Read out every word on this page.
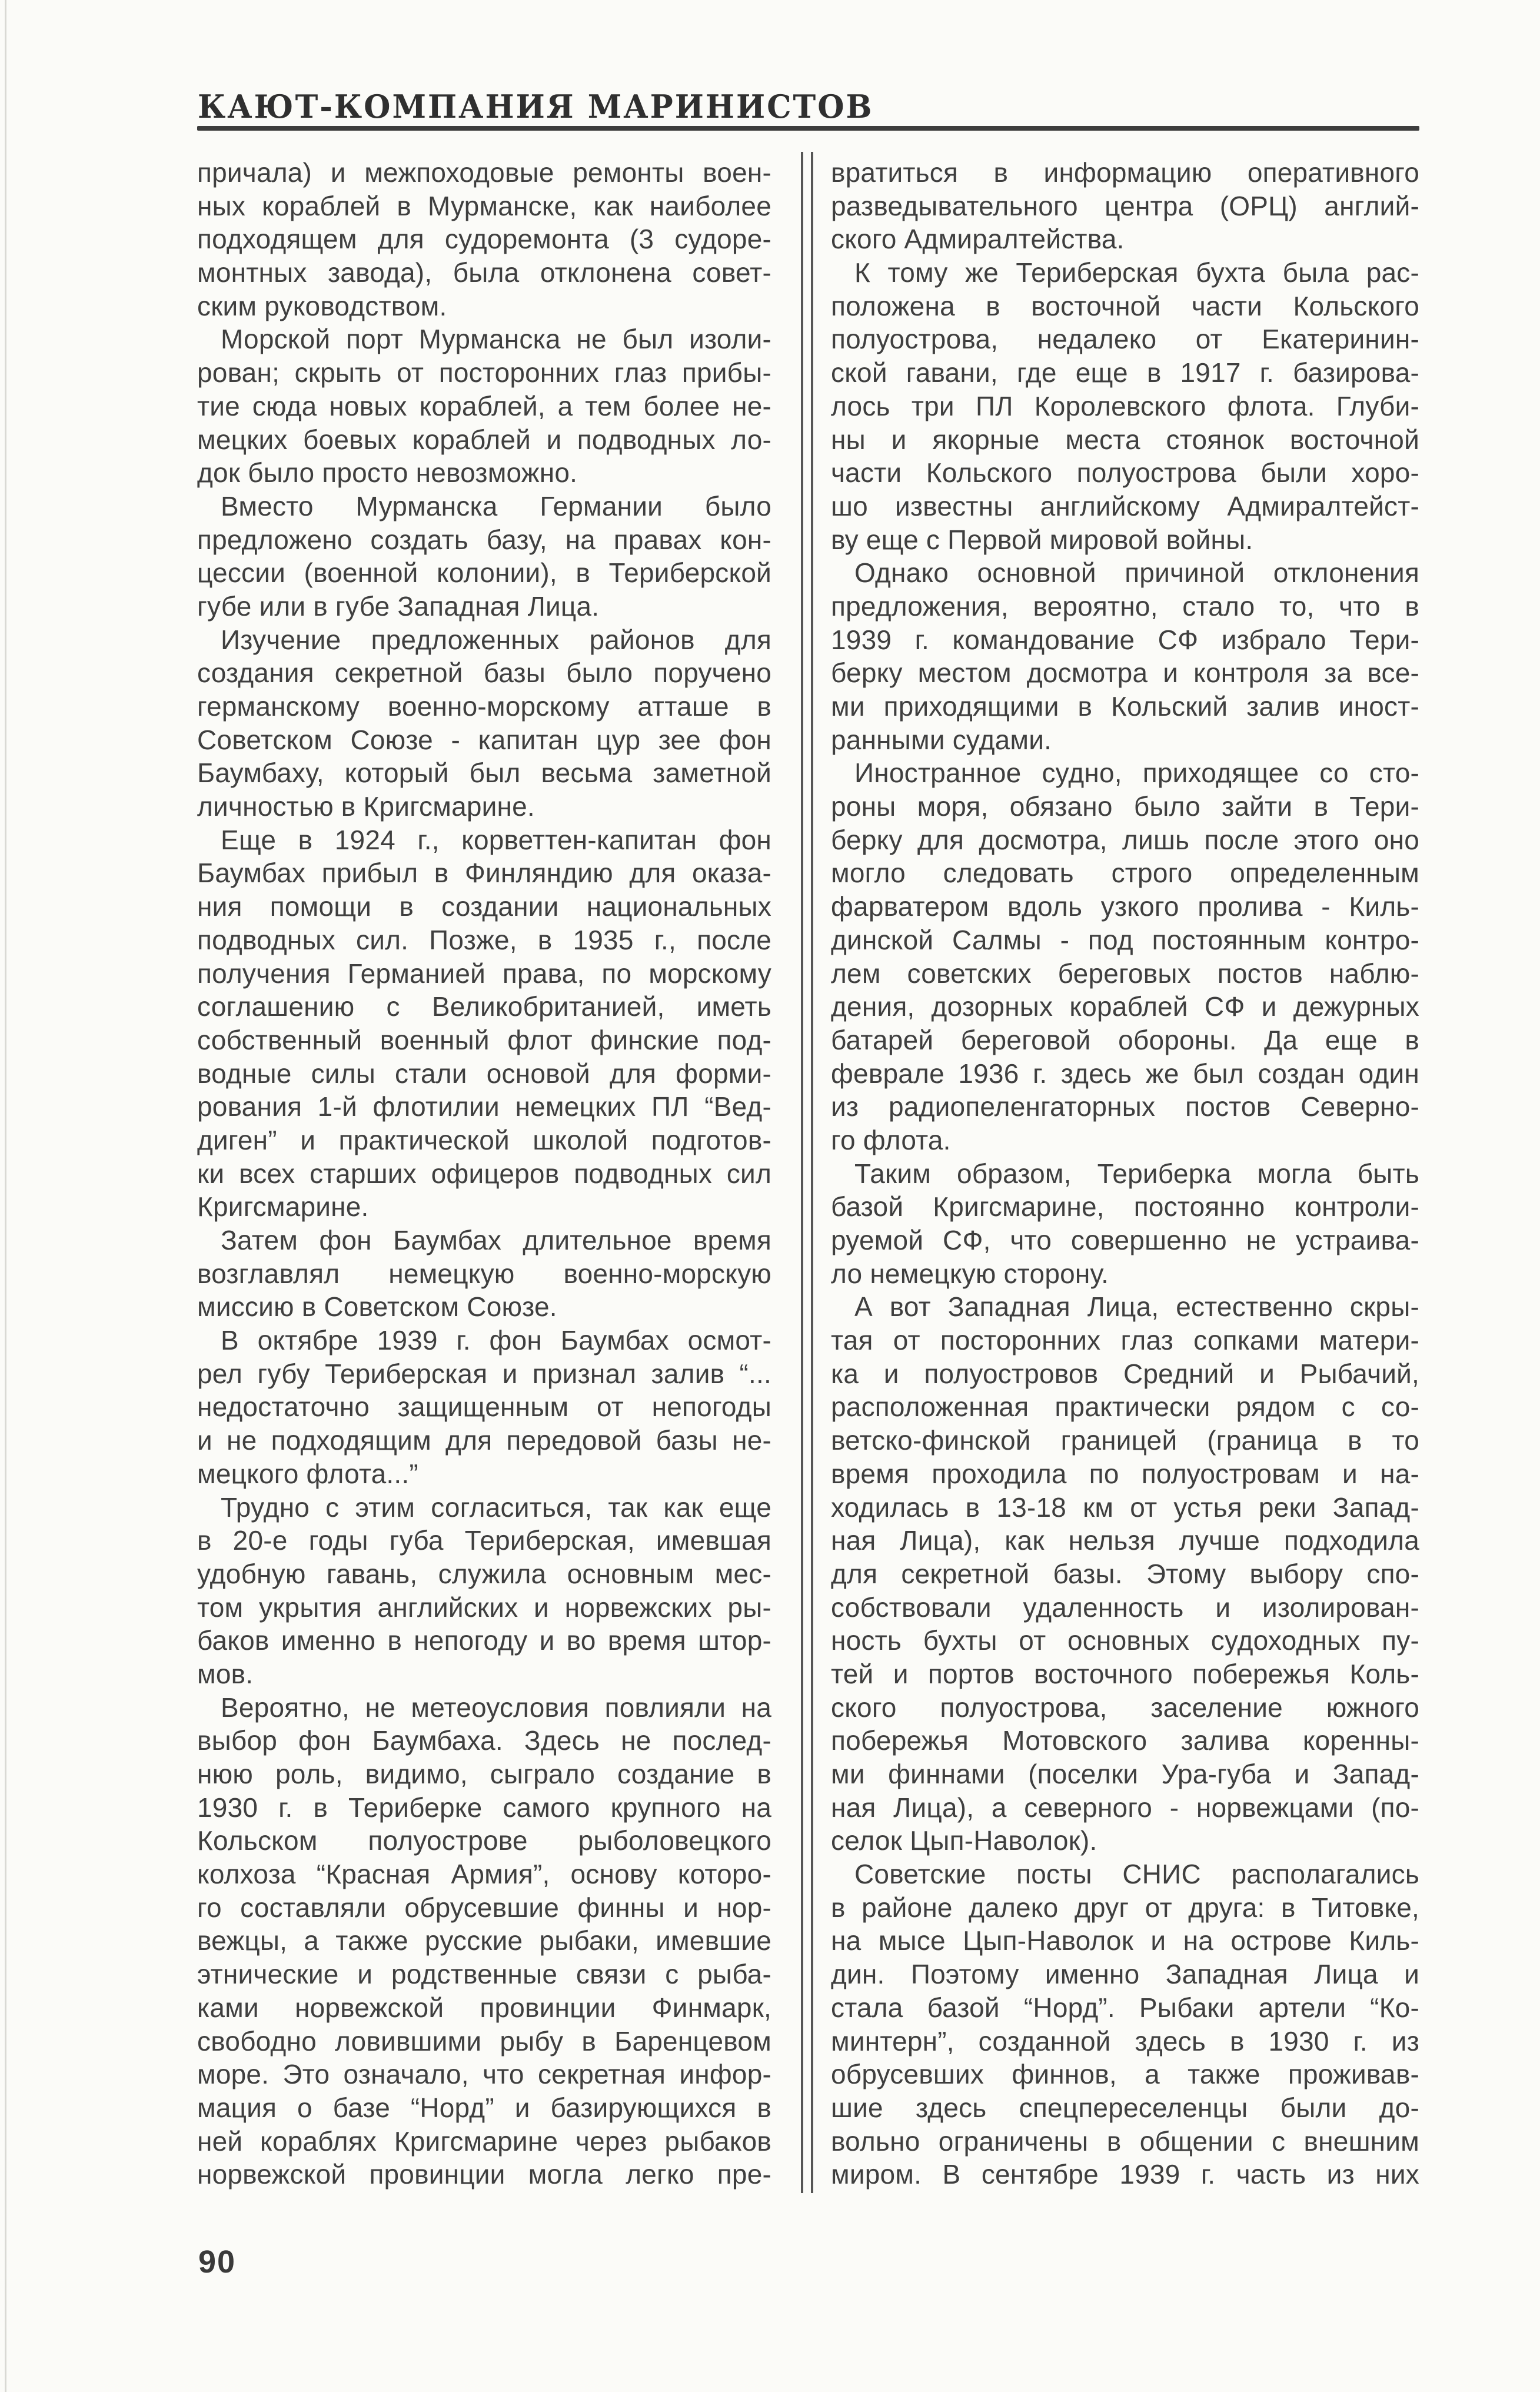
КАЮТ-КОМПАНИЯ МАРИНИСТОВ
причала) и межпоходовые ремонты воен-
ных кораблей в Мурманске, как наиболее
подходящем для судоремонта (3 судоре-
монтных завода), была отклонена совет-
ским руководством.
Морской порт Мурманска не был изоли-
рован; скрыть от посторонних глаз прибы-
тие сюда новых кораблей, а тем более не-
мецких боевых кораблей и подводных ло-
док было просто невозможно.
Вместо Мурманска Германии было
предложено создать базу, на правах кон-
цессии (военной колонии), в Териберской
губе или в губе Западная Лица.
Изучение предложенных районов для
создания секретной базы было поручено
германскому военно-морскому атташе в
Советском Союзе - капитан цур зее фон
Баумбаху, который был весьма заметной
личностью в Кригсмарине.
Еще в 1924 г., корветтен-капитан фон
Баумбах прибыл в Финляндию для оказа-
ния помощи в создании национальных
подводных сил. Позже, в 1935 г., после
получения Германией права, по морскому
соглашению с Великобританией, иметь
собственный военный флот финские под-
водные силы стали основой для форми-
рования 1-й флотилии немецких ПЛ “Вед-
диген” и практической школой подготов-
ки всех старших офицеров подводных сил
Кригсмарине.
Затем фон Баумбах длительное время
возглавлял немецкую военно-морскую
миссию в Советском Союзе.
В октябре 1939 г. фон Баумбах осмот-
рел губу Териберская и признал залив “...
недостаточно защищенным от непогоды
и не подходящим для передовой базы не-
мецкого флота...”
Трудно с этим согласиться, так как еще
в 20-е годы губа Териберская, имевшая
удобную гавань, служила основным мес-
том укрытия английских и норвежских ры-
баков именно в непогоду и во время штор-
мов.
Вероятно, не метеоусловия повлияли на
выбор фон Баумбаха. Здесь не послед-
нюю роль, видимо, сыграло создание в
1930 г. в Териберке самого крупного на
Кольском полуострове рыболовецкого
колхоза “Красная Армия”, основу которо-
го составляли обрусевшие финны и нор-
вежцы, а также русские рыбаки, имевшие
этнические и родственные связи с рыба-
ками норвежской провинции Финмарк,
свободно ловившими рыбу в Баренцевом
море. Это означало, что секретная инфор-
мация о базе “Норд” и базирующихся в
ней кораблях Кригсмарине через рыбаков
норвежской провинции могла легко пре-
вратиться в информацию оперативного
разведывательного центра (ОРЦ) англий-
ского Адмиралтейства.
К тому же Териберская бухта была рас-
положена в восточной части Кольского
полуострова, недалеко от Екатеринин-
ской гавани, где еще в 1917 г. базирова-
лось три ПЛ Королевского флота. Глуби-
ны и якорные места стоянок восточной
части Кольского полуострова были хоро-
шо известны английскому Адмиралтейст-
ву еще с Первой мировой войны.
Однако основной причиной отклонения
предложения, вероятно, стало то, что в
1939 г. командование СФ избрало Тери-
берку местом досмотра и контроля за все-
ми приходящими в Кольский залив иност-
ранными судами.
Иностранное судно, приходящее со сто-
роны моря, обязано было зайти в Тери-
берку для досмотра, лишь после этого оно
могло следовать строго определенным
фарватером вдоль узкого пролива - Киль-
динской Салмы - под постоянным контро-
лем советских береговых постов наблю-
дения, дозорных кораблей СФ и дежурных
батарей береговой обороны. Да еще в
феврале 1936 г. здесь же был создан один
из радиопеленгаторных постов Северно-
го флота.
Таким образом, Териберка могла быть
базой Кригсмарине, постоянно контроли-
руемой СФ, что совершенно не устраива-
ло немецкую сторону.
А вот Западная Лица, естественно скры-
тая от посторонних глаз сопками матери-
ка и полуостровов Средний и Рыбачий,
расположенная практически рядом с со-
ветско-финской границей (граница в то
время проходила по полуостровам и на-
ходилась в 13-18 км от устья реки Запад-
ная Лица), как нельзя лучше подходила
для секретной базы. Этому выбору спо-
собствовали удаленность и изолирован-
ность бухты от основных судоходных пу-
тей и портов восточного побережья Коль-
ского полуострова, заселение южного
побережья Мотовского залива коренны-
ми финнами (поселки Ура-губа и Запад-
ная Лица), а северного - норвежцами (по-
селок Цып-Наволок).
Советские посты СНИС располагались
в районе далеко друг от друга: в Титовке,
на мысе Цып-Наволок и на острове Киль-
дин. Поэтому именно Западная Лица и
стала базой “Норд”. Рыбаки артели “Ко-
минтерн”, созданной здесь в 1930 г. из
обрусевших финнов, а также проживав-
шие здесь спецпереселенцы были до-
вольно ограничены в общении с внешним
миром. В сентябре 1939 г. часть из них
90
